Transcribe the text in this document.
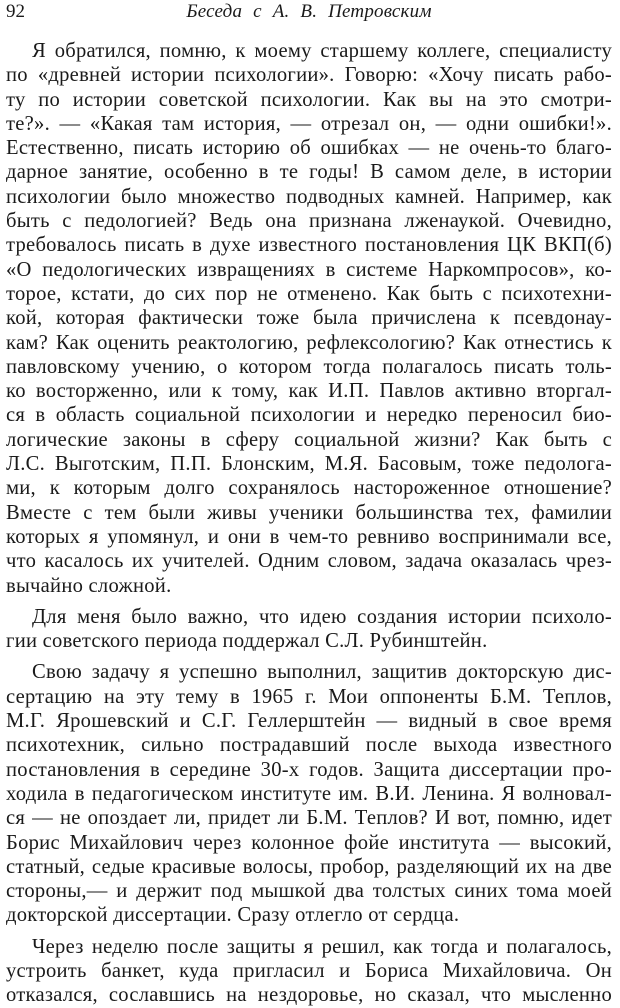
92	Беседа с А. В. Петровским
Я обратился, помню, к моему старшему коллеге, специалисту
по «древней истории психологии». Говорю: «Хочу писать рабо-
ту по истории советской психологии. Как вы на это смотри-
те?». — «Какая там история, — отрезал он, — одни ошибки!».
Естественно, писать историю об ошибках — не очень-то благо-
дарное занятие, особенно в те годы! В самом деле, в истории
психологии было множество подводных камней. Например, как
быть с педологией? Ведь она признана лженаукой. Очевидно,
требовалось писать в духе известного постановления ЦК ВКП(б)
«О педологических извращениях в системе Наркомпросов», ко-
торое, кстати, до сих пор не отменено. Как быть с психотехни-
кой, которая фактически тоже была причислена к псевдонау-
кам? Как оценить реактологию, рефлексологию? Как отнестись к
павловскому учению, о котором тогда полагалось писать толь-
ко восторженно, или к тому, как И.П. Павлов активно вторгал-
ся в область социальной психологии и нередко переносил био-
логические законы в сферу социальной жизни? Как быть с
Л.С. Выготским, П.П. Блонским, М.Я. Басовым, тоже педолога-
ми, к которым долго сохранялось настороженное отношение?
Вместе с тем были живы ученики большинства тех, фамилии
которых я упомянул, и они в чем-то ревниво воспринимали все,
что касалось их учителей. Одним словом, задача оказалась чрез-
вычайно сложной.
Для меня было важно, что идею создания истории психоло-
гии советского периода поддержал С.Л. Рубинштейн.
Свою задачу я успешно выполнил, защитив докторскую дис-
сертацию на эту тему в 1965 г. Мои оппоненты Б.М. Теплов,
М.Г. Ярошевский и С.Г. Геллерштейн — видный в свое время
психотехник, сильно пострадавший после выхода известного
постановления в середине 30-х годов. Защита диссертации про-
ходила в педагогическом институте им. В.И. Ленина. Я волновал-
ся — не опоздает ли, придет ли Б.М. Теплов? И вот, помню, идет
Борис Михайлович через колонное фойе института — высокий,
статный, седые красивые волосы, пробор, разделяющий их на две
стороны,— и держит под мышкой два толстых синих тома моей
докторской диссертации. Сразу отлегло от сердца.
Через неделю после защиты я решил, как тогда и полагалось,
устроить банкет, куда пригласил и Бориса Михайловича. Он
отказался, сославшись на нездоровье, но сказал, что мысленно
